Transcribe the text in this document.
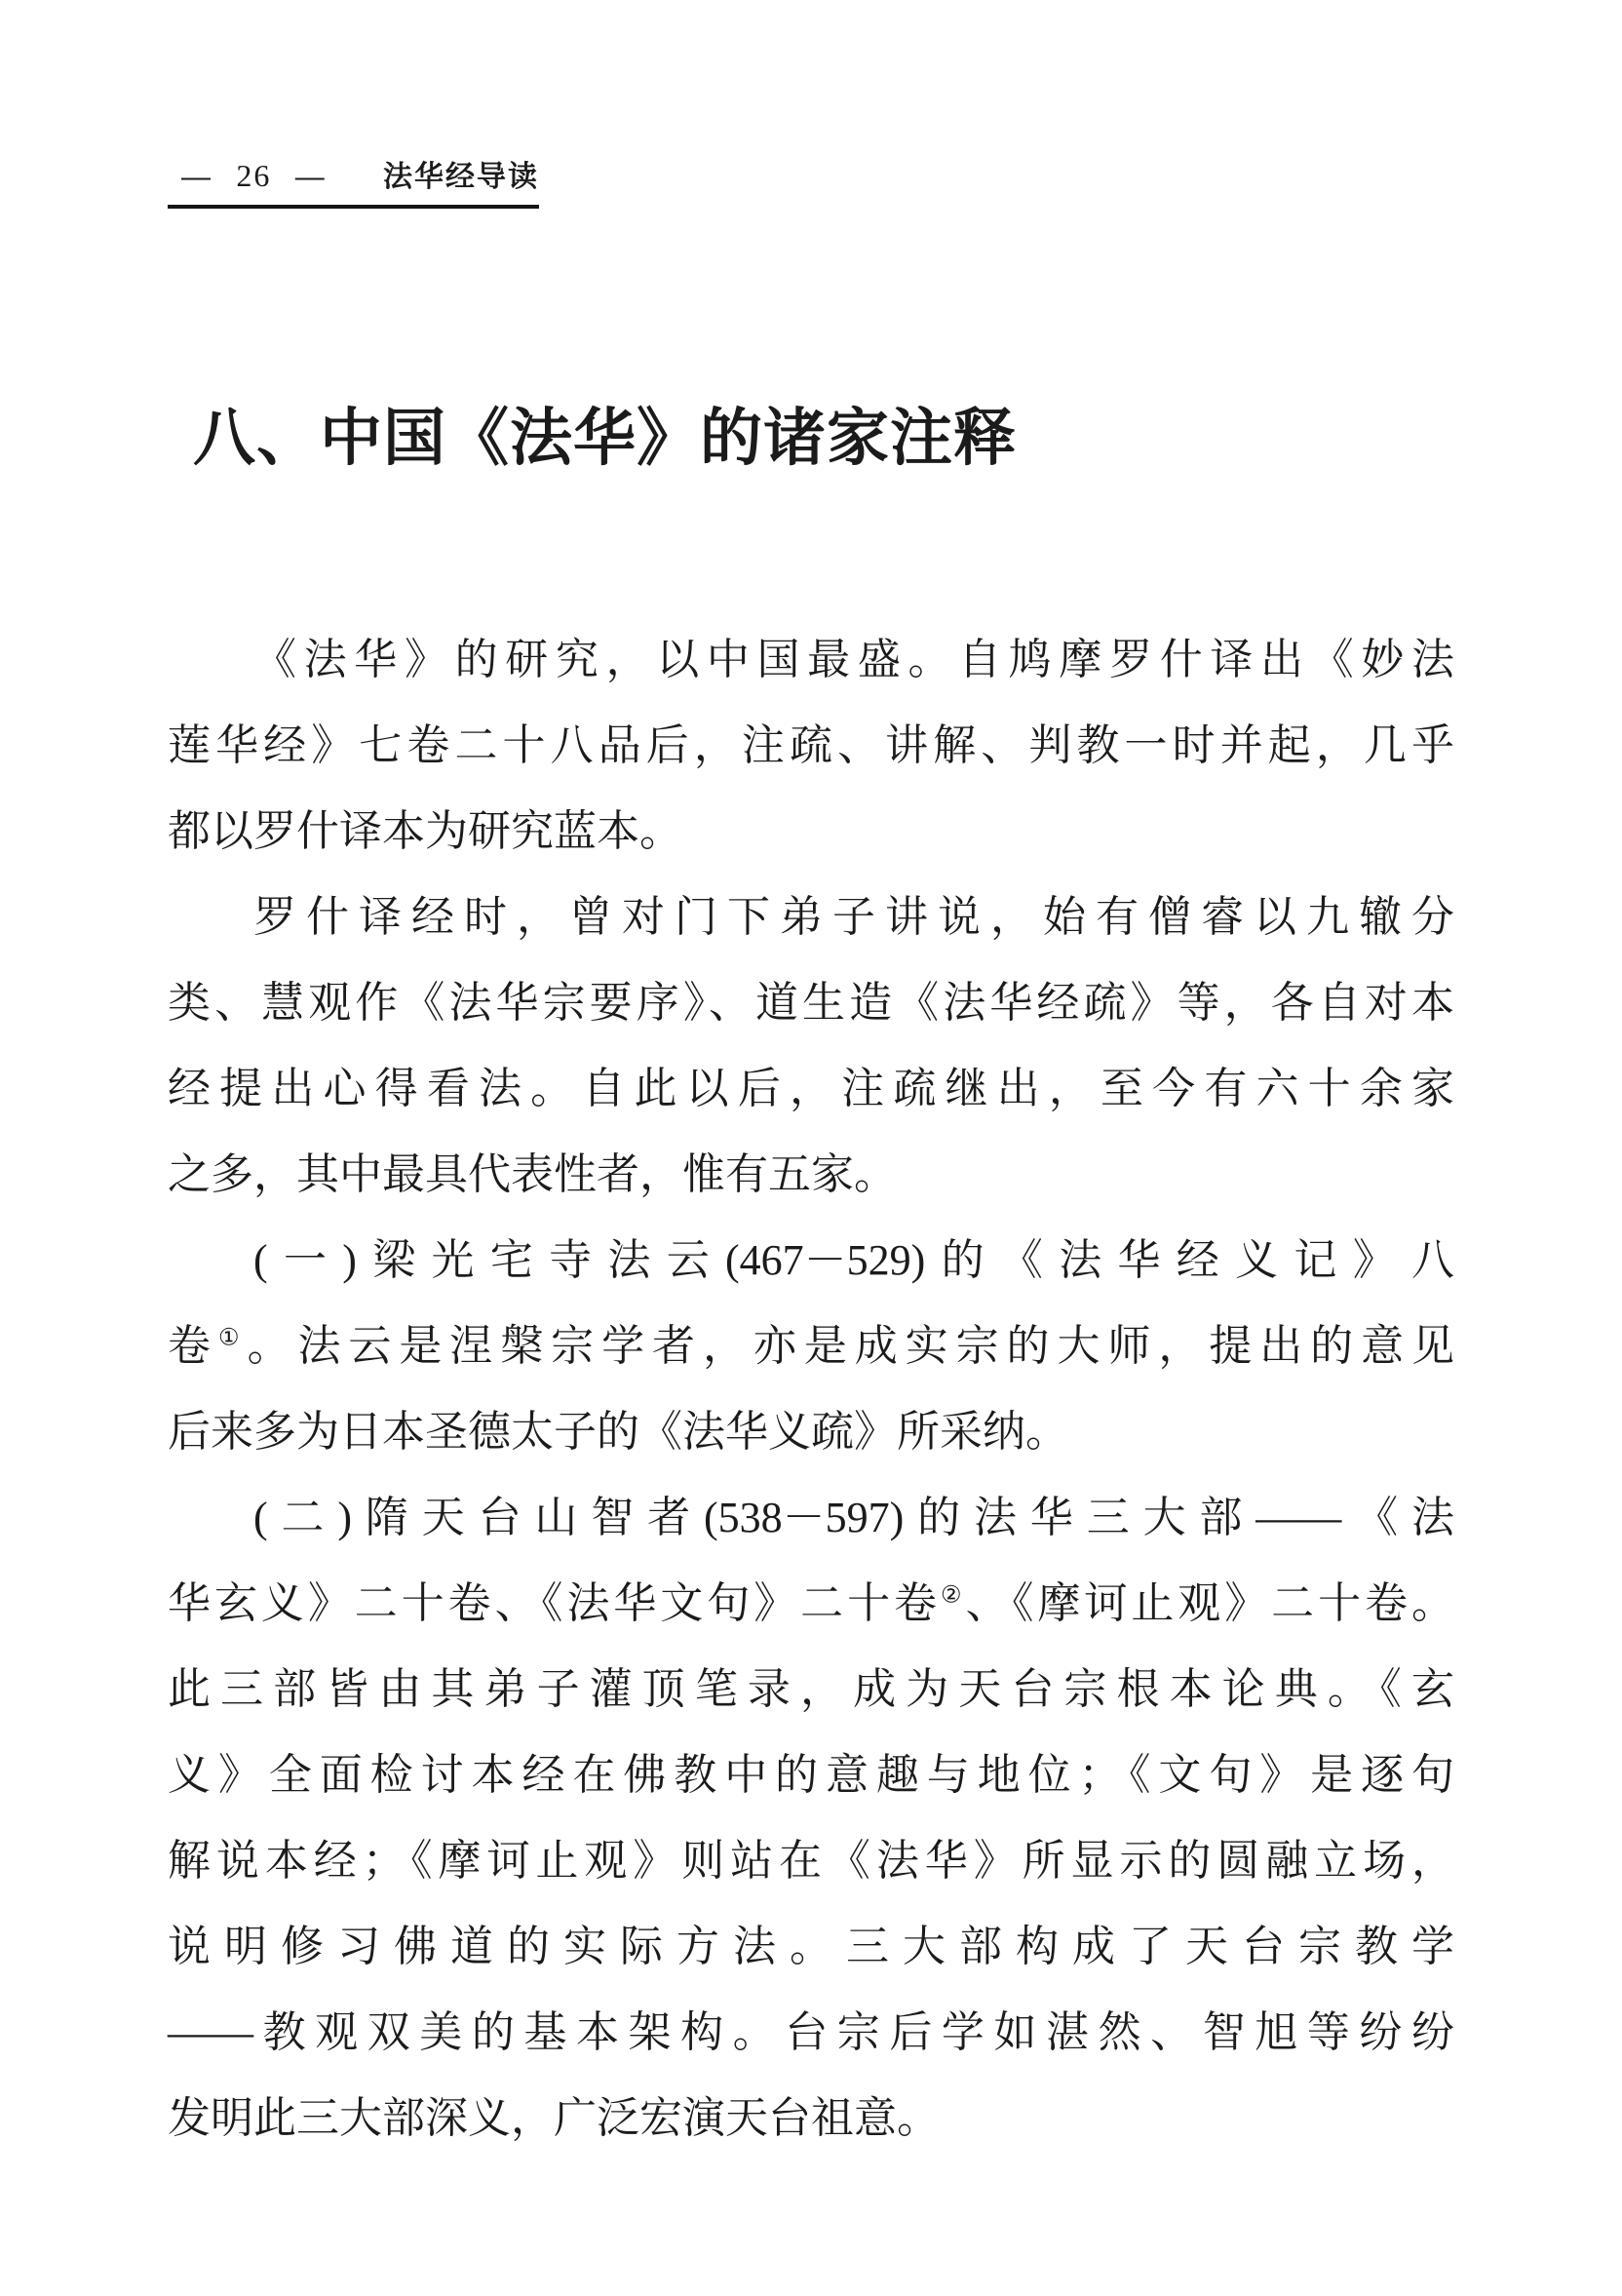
— 26 — 法华经导读
八、中国《法华》的诸家注释
《法华》的研究，以中国最盛。自鸠摩罗什译出《妙法
莲华经》七卷二十八品后，注疏、讲解、判教一时并起，几乎
都以罗什译本为研究蓝本。
罗什译经时，曾对门下弟子讲说，始有僧睿以九辙分
类、慧观作《法华宗要序》、道生造《法华经疏》等，各自对本
经提出心得看法。自此以后，注疏继出，至今有六十余家
之多，其中最具代表性者，惟有五家。
(一)梁光宅寺法云(467－529)的《法华经义记》八
卷①。法云是涅槃宗学者，亦是成实宗的大师，提出的意见
后来多为日本圣德太子的《法华义疏》所采纳。
(二)隋天台山智者(538－597)的法华三大部——《法
华玄义》二十卷、《法华文句》二十卷②、《摩诃止观》二十卷。
此三部皆由其弟子灌顶笔录，成为天台宗根本论典。《玄
义》全面检讨本经在佛教中的意趣与地位；《文句》是逐句
解说本经；《摩诃止观》则站在《法华》所显示的圆融立场，
说明修习佛道的实际方法。三大部构成了天台宗教学
——教观双美的基本架构。台宗后学如湛然、智旭等纷纷
发明此三大部深义，广泛宏演天台祖意。
